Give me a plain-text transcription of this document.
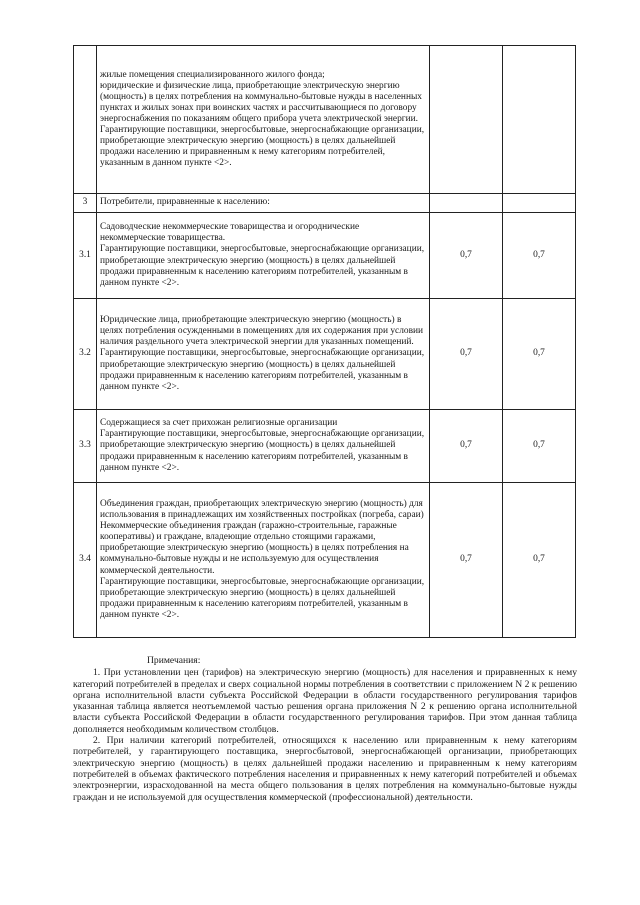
	жилые помещения специализированного жилого фонда;
юридические и физические лица, приобретающие электрическую энергию (мощность) в целях потребления на коммунально-бытовые нужды в населенных пунктах и жилых зонах при воинских частях и рассчитывающиеся по договору энергоснабжения по показаниям общего прибора учета электрической энергии.
Гарантирующие поставщики, энергосбытовые, энергоснабжающие организации, приобретающие электрическую энергию (мощность) в целях дальнейшей продажи населению и приравненным к нему категориям потребителей, указанным в данном пункте <2>.		
3	Потребители, приравненные к населению:		
3.1	Садоводческие некоммерческие товарищества и огороднические некоммерческие товарищества.
Гарантирующие поставщики, энергосбытовые, энергоснабжающие организации, приобретающие электрическую энергию (мощность) в целях дальнейшей продажи приравненным к населению категориям потребителей, указанным в данном пункте <2>.	0,7	0,7
3.2	Юридические лица, приобретающие электрическую энергию (мощность) в целях потребления осужденными в помещениях для их содержания при условии наличия раздельного учета электрической энергии для указанных помещений.
Гарантирующие поставщики, энергосбытовые, энергоснабжающие организации, приобретающие электрическую энергию (мощность) в целях дальнейшей продажи приравненным к населению категориям потребителей, указанным в данном пункте <2>.	0,7	0,7
3.3	Содержащиеся за счет прихожан религиозные организации
Гарантирующие поставщики, энергосбытовые, энергоснабжающие организации, приобретающие электрическую энергию (мощность) в целях дальнейшей продажи приравненным к населению категориям потребителей, указанным в данном пункте <2>.	0,7	0,7
3.4	Объединения граждан, приобретающих электрическую энергию (мощность) для использования в принадлежащих им хозяйственных постройках (погреба, сараи)
Некоммерческие объединения граждан (гаражно-строительные, гаражные кооперативы) и граждане, владеющие отдельно стоящими гаражами, приобретающие электрическую энергию (мощность) в целях потребления на коммунально-бытовые нужды и не используемую для осуществления коммерческой деятельности.
Гарантирующие поставщики, энергосбытовые, энергоснабжающие организации, приобретающие электрическую энергию (мощность) в целях дальнейшей продажи приравненным к населению категориям потребителей, указанным в данном пункте <2>.	0,7	0,7

Примечания:

1. При установлении цен (тарифов) на электрическую энергию (мощность) для населения и приравненных к нему категорий потребителей в пределах и сверх социальной нормы потребления в соответствии с приложением N 2 к решению органа исполнительной власти субъекта Российской Федерации в области государственного регулирования тарифов указанная таблица является неотъемлемой частью решения органа приложения N 2 к решению органа исполнительной власти субъекта Российской Федерации в области государственного регулирования тарифов. При этом данная таблица дополняется необходимым количеством столбцов.

2. При наличии категорий потребителей, относящихся к населению или приравненным к нему категориям потребителей, у гарантирующего поставщика, энергосбытовой, энергоснабжающей организации, приобретающих электрическую энергию (мощность) в целях дальнейшей продажи населению и приравненным к нему категориям потребителей в объемах фактического потребления населения и приравненных к нему категорий потребителей и объемах электроэнергии, израсходованной на места общего пользования в целях потребления на коммунально-бытовые нужды граждан и не используемой для осуществления коммерческой (профессиональной) деятельности.
